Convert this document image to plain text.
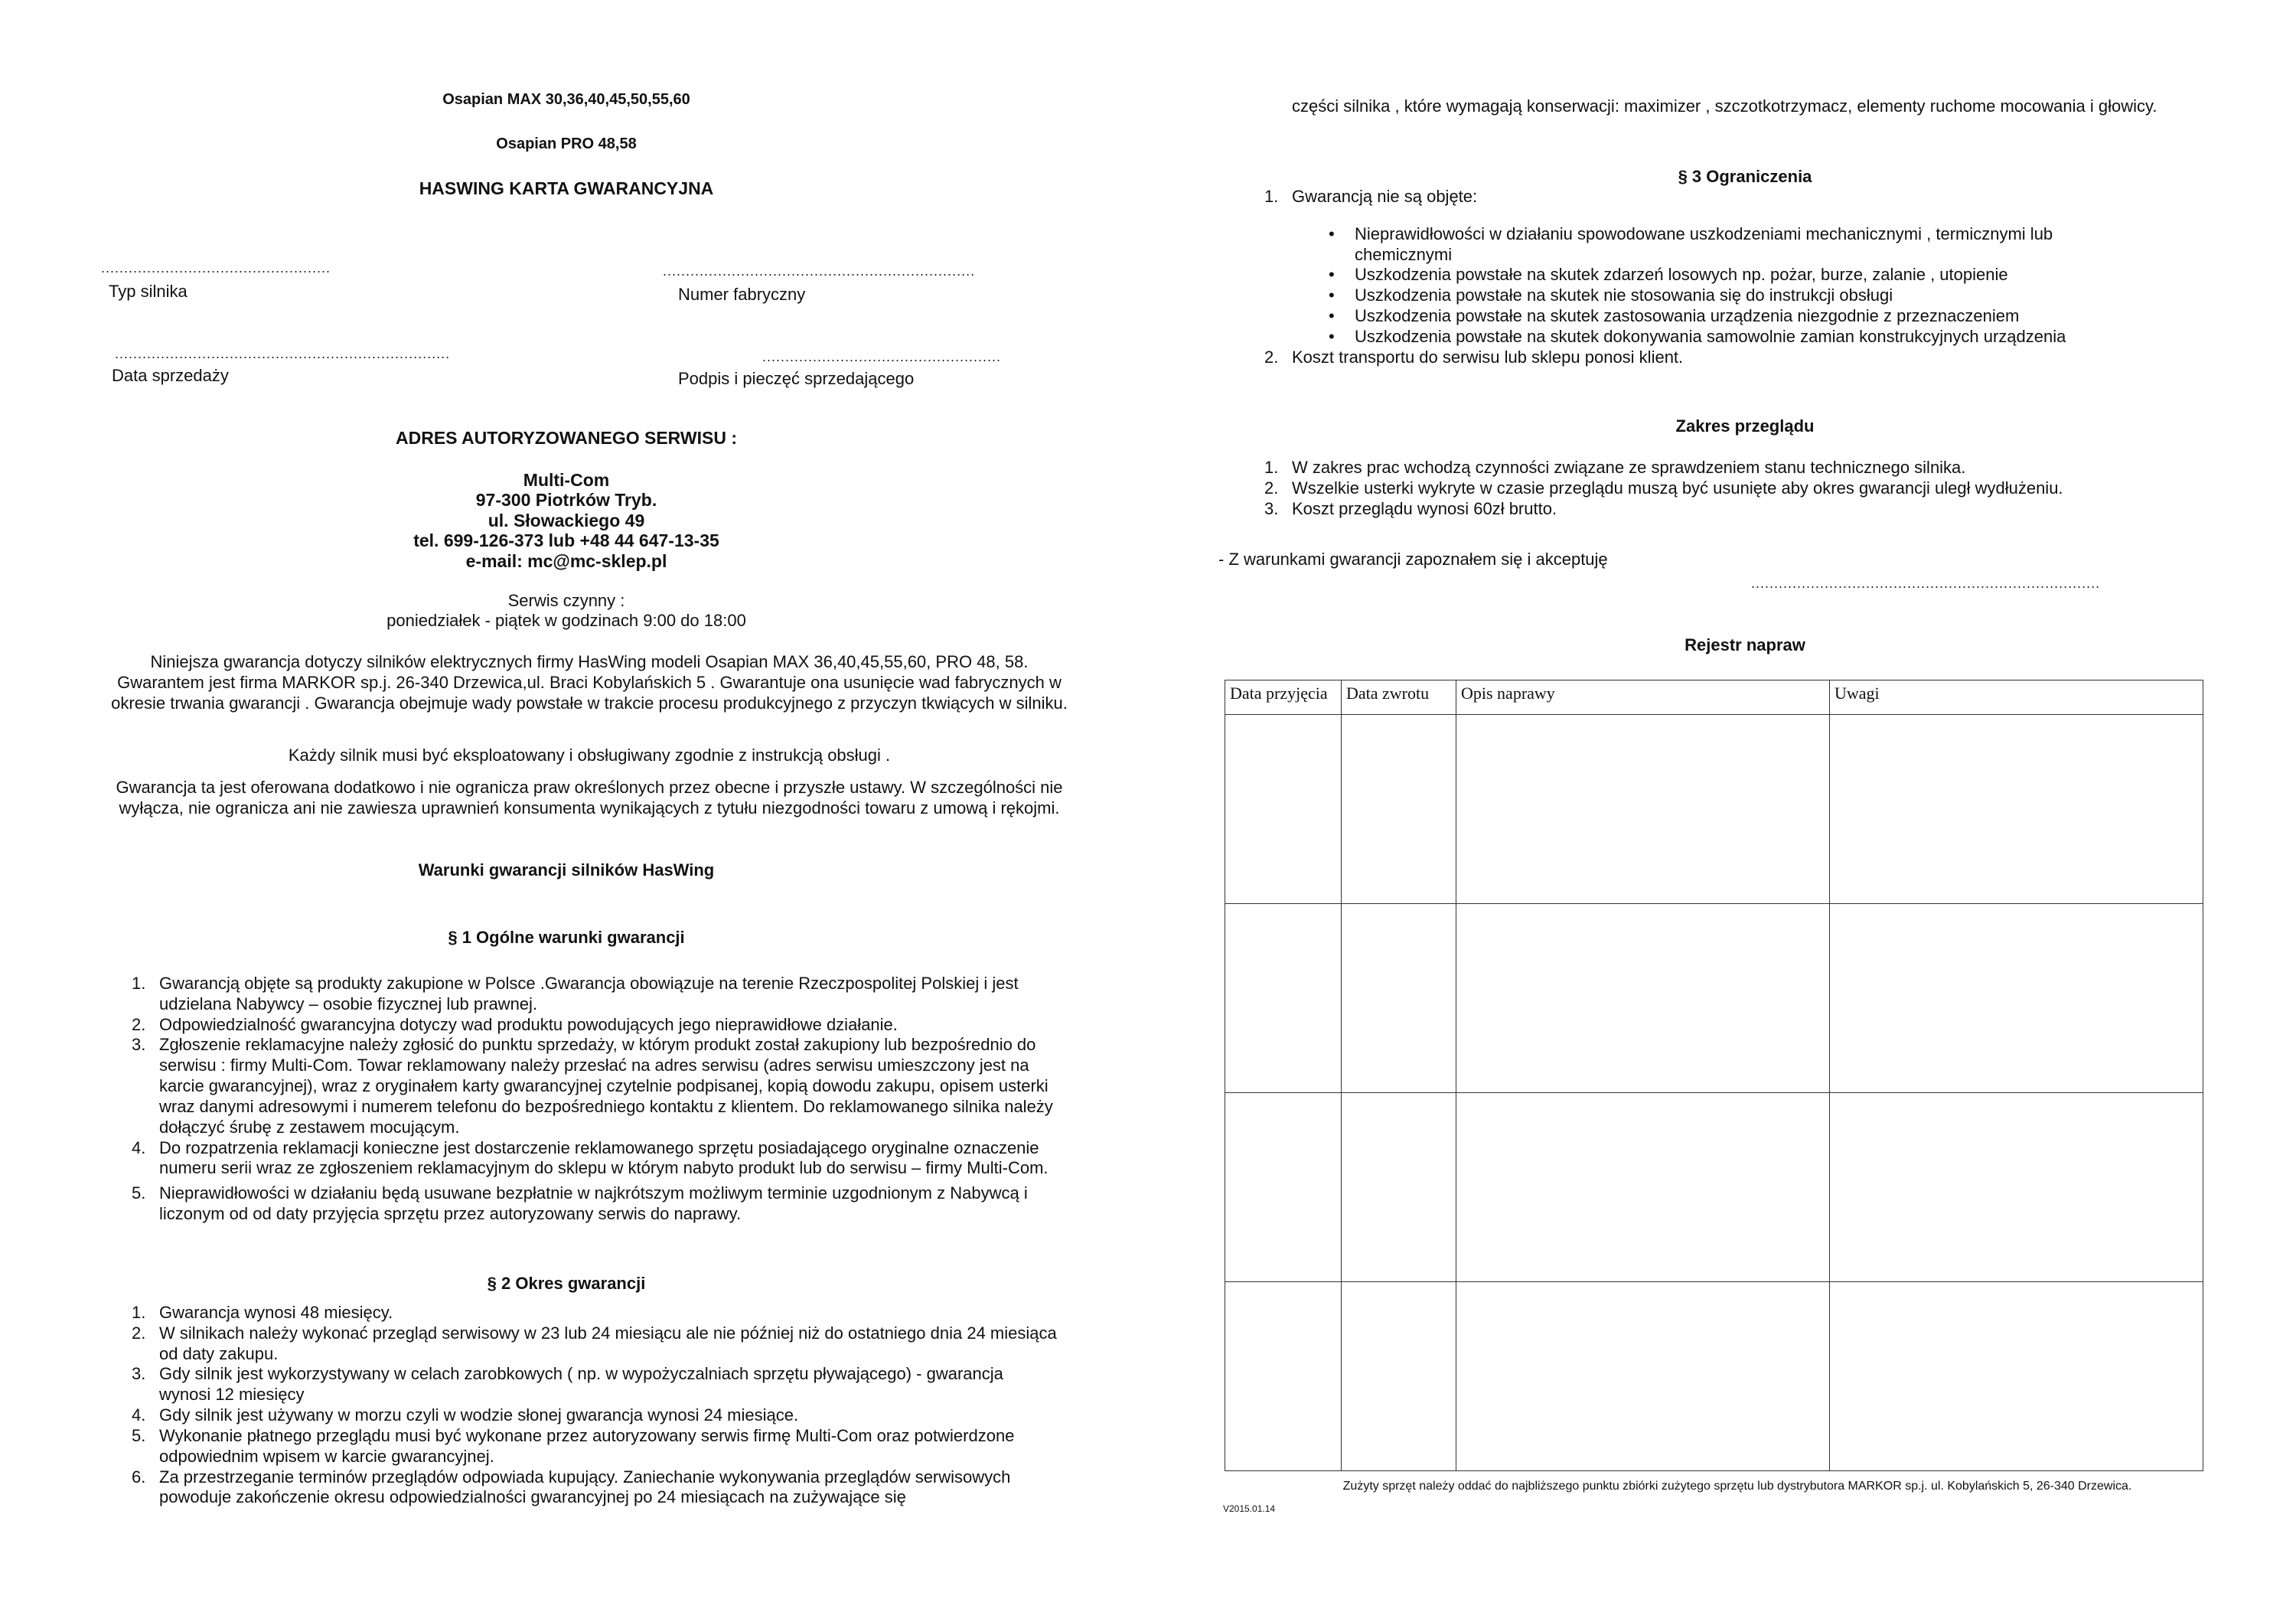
Osapian MAX 30,36,40,45,50,55,60
Osapian PRO 48,58
HASWING KARTA GWARANCYJNA
..................................................
Typ silnika
....................................................................
Numer fabryczny
.........................................................................
Data sprzedaży
....................................................
Podpis i pieczęć sprzedającego
ADRES AUTORYZOWANEGO SERWISU :
Multi-Com
97-300 Piotrków Tryb.
ul. Słowackiego 49
tel. 699-126-373 lub +48 44 647-13-35
e-mail: mc@mc-sklep.pl
Serwis czynny :
poniedziałek - piątek w godzinach 9:00 do 18:00
Niniejsza gwarancja dotyczy silników elektrycznych firmy HasWing modeli Osapian MAX 36,40,45,55,60, PRO 48, 58. Gwarantem jest firma MARKOR sp.j. 26-340 Drzewica,ul. Braci Kobylańskich 5 . Gwarantuje ona usunięcie wad fabrycznych w okresie trwania gwarancji . Gwarancja obejmuje wady powstałe w trakcie procesu produkcyjnego z przyczyn tkwiących w silniku.
Każdy silnik musi być eksploatowany i obsługiwany zgodnie z instrukcją obsługi .
Gwarancja ta jest oferowana dodatkowo i nie ogranicza praw określonych przez obecne i przyszłe ustawy. W szczególności nie wyłącza, nie ogranicza ani nie zawiesza uprawnień konsumenta wynikających z tytułu niezgodności towaru z umową i rękojmi.
Warunki gwarancji silników HasWing
§ 1 Ogólne warunki gwarancji
1. Gwarancją objęte są produkty zakupione w Polsce .Gwarancja obowiązuje na terenie Rzeczpospolitej Polskiej i jest udzielana Nabywcy – osobie fizycznej lub prawnej.
2. Odpowiedzialność gwarancyjna dotyczy wad produktu powodujących jego nieprawidłowe działanie.
3. Zgłoszenie reklamacyjne należy zgłosić do punktu sprzedaży, w którym produkt został zakupiony lub bezpośrednio do serwisu : firmy Multi-Com. Towar reklamowany należy przesłać na adres serwisu (adres serwisu umieszczony jest na karcie gwarancyjnej), wraz z oryginałem karty gwarancyjnej czytelnie podpisanej, kopią dowodu zakupu, opisem usterki wraz danymi adresowymi i numerem telefonu do bezpośredniego kontaktu z klientem. Do reklamowanego silnika należy dołączyć śrubę z zestawem mocującym.
4. Do rozpatrzenia reklamacji konieczne jest dostarczenie reklamowanego sprzętu posiadającego oryginalne oznaczenie numeru serii wraz ze zgłoszeniem reklamacyjnym do sklepu w którym nabyto produkt lub do serwisu – firmy Multi-Com.
5. Nieprawidłowości w działaniu będą usuwane bezpłatnie w najkrótszym możliwym terminie uzgodnionym z Nabywcą i liczonym od od daty przyjęcia sprzętu przez autoryzowany serwis do naprawy.
§ 2 Okres gwarancji
1. Gwarancja wynosi 48 miesięcy.
2. W silnikach należy wykonać przegląd serwisowy w 23 lub 24 miesiącu ale nie później niż do ostatniego dnia 24 miesiąca od daty zakupu.
3. Gdy silnik jest wykorzystywany w celach zarobkowych ( np. w wypożyczalniach sprzętu pływającego) - gwarancja wynosi 12 miesięcy
4. Gdy silnik jest używany w morzu czyli w wodzie słonej gwarancja wynosi 24 miesiące.
5. Wykonanie płatnego przeglądu musi być wykonane przez autoryzowany serwis firmę Multi-Com oraz potwierdzone odpowiednim wpisem w karcie gwarancyjnej.
6. Za przestrzeganie terminów przeglądów odpowiada kupujący. Zaniechanie wykonywania przeglądów serwisowych powoduje zakończenie okresu odpowiedzialności gwarancyjnej po 24 miesiącach na zużywające się
części silnika , które wymagają konserwacji: maximizer , szczotkotrzymacz, elementy ruchome mocowania i głowicy.
§ 3 Ograniczenia
1. Gwarancją nie są objęte:
• Nieprawidłowości w działaniu spowodowane uszkodzeniami mechanicznymi , termicznymi lub chemicznymi
• Uszkodzenia powstałe na skutek zdarzeń losowych np. pożar, burze, zalanie , utopienie
• Uszkodzenia powstałe na skutek nie stosowania się do instrukcji obsługi
• Uszkodzenia powstałe na skutek zastosowania urządzenia niezgodnie z przeznaczeniem
• Uszkodzenia powstałe na skutek dokonywania samowolnie zamian konstrukcyjnych urządzenia
2. Koszt transportu do serwisu lub sklepu ponosi klient.
Zakres przeglądu
1. W zakres prac wchodzą czynności związane ze sprawdzeniem stanu technicznego silnika.
2. Wszelkie usterki wykryte w czasie przeglądu muszą być usunięte aby okres gwarancji uległ wydłużeniu.
3. Koszt przeglądu wynosi 60zł brutto.
- Z warunkami gwarancji zapoznałem się i akceptuję
............................................................................
Rejestr napraw
Data przyjęcia	Data zwrotu	Opis naprawy	Uwagi

Zużyty sprzęt należy oddać do najbliższego punktu zbiórki zużytego sprzętu lub dystrybutora MARKOR sp.j. ul. Kobylańskich 5, 26-340 Drzewica.
V2015.01.14
